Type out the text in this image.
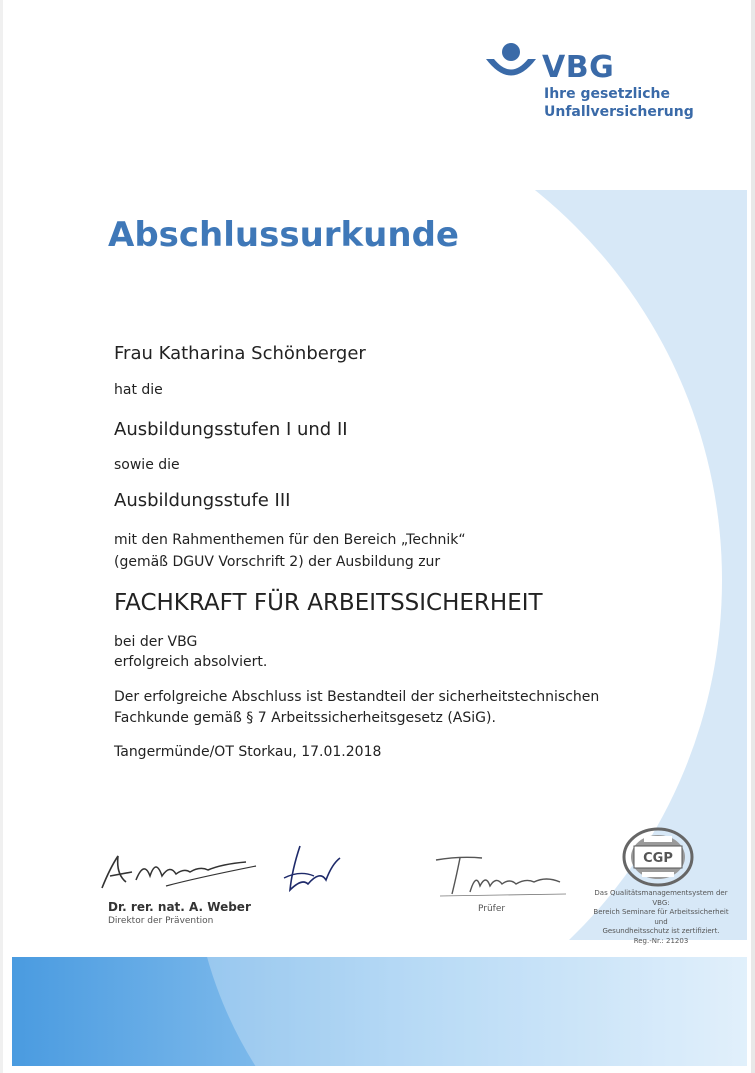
VBG
Ihre gesetzliche
Unfallversicherung
Abschlussurkunde
Frau Katharina Schönberger
hat die
Ausbildungsstufen I und II
sowie die
Ausbildungsstufe III
mit den Rahmenthemen für den Bereich „Technik“
(gemäß DGUV Vorschrift 2) der Ausbildung zur
FACHKRAFT FÜR ARBEITSSICHERHEIT
bei der VBG
erfolgreich absolviert.
Der erfolgreiche Abschluss ist Bestandteil der sicherheitstechnischen
Fachkunde gemäß § 7 Arbeitssicherheitsgesetz (ASiG).
Tangermünde/OT Storkau, 17.01.2018
Dr. rer. nat. A. Weber
Direktor der Prävention
Prüfer
CGP
Das Qualitätsmanagementsystem der VBG:
Bereich Seminare für Arbeitssicherheit und
Gesundheitsschutz ist zertifiziert.
Reg.-Nr.: 21203
